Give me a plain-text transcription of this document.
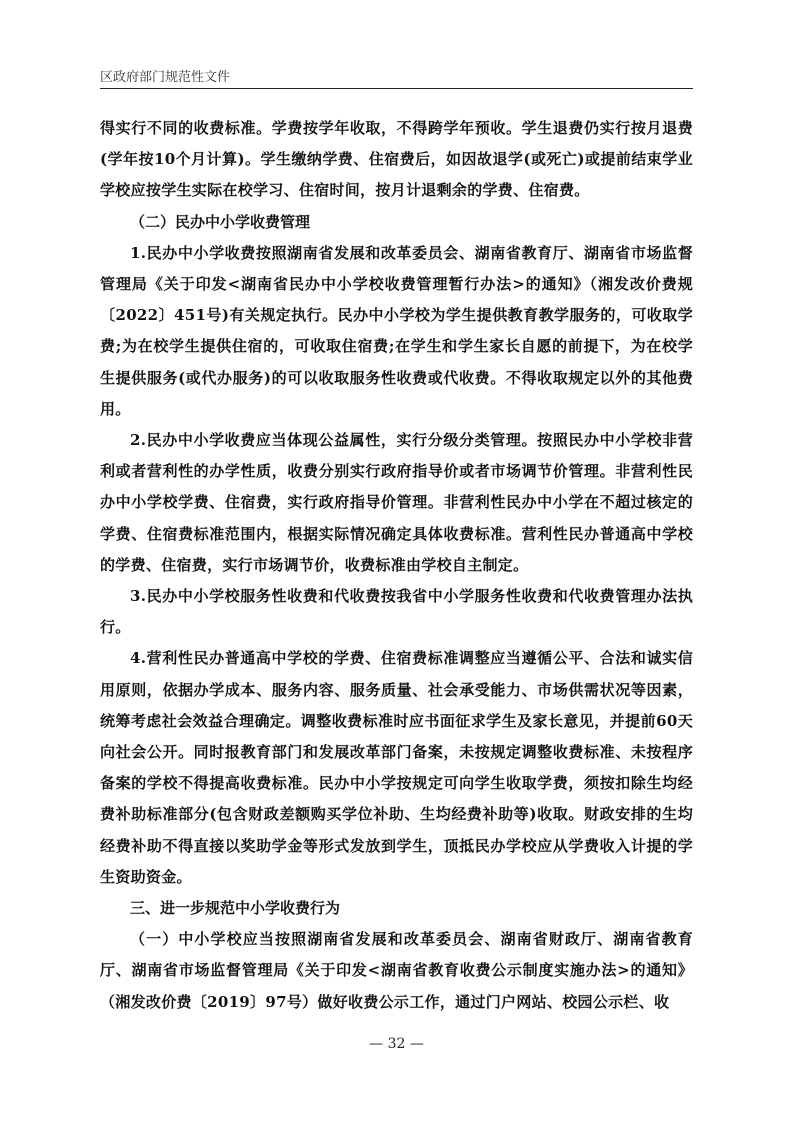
区政府部门规范性文件

得实行不同的收费标准。学费按学年收取，不得跨学年预收。学生退费仍实行按月退费(学年按10个月计算)。学生缴纳学费、住宿费后，如因故退学(或死亡)或提前结束学业学校应按学生实际在校学习、住宿时间，按月计退剩余的学费、住宿费。

（二）民办中小学收费管理

1.民办中小学收费按照湖南省发展和改革委员会、湖南省教育厅、湖南省市场监督管理局《关于印发<湖南省民办中小学校收费管理暂行办法>的通知》（湘发改价费规〔2022〕451号)有关规定执行。民办中小学校为学生提供教育教学服务的，可收取学费;为在校学生提供住宿的，可收取住宿费;在学生和学生家长自愿的前提下，为在校学生提供服务(或代办服务)的可以收取服务性收费或代收费。不得收取规定以外的其他费用。

2.民办中小学收费应当体现公益属性，实行分级分类管理。按照民办中小学校非营利或者营利性的办学性质，收费分别实行政府指导价或者市场调节价管理。非营利性民办中小学校学费、住宿费，实行政府指导价管理。非营利性民办中小学在不超过核定的学费、住宿费标准范围内，根据实际情况确定具体收费标准。营利性民办普通高中学校的学费、住宿费，实行市场调节价，收费标准由学校自主制定。

3.民办中小学校服务性收费和代收费按我省中小学服务性收费和代收费管理办法执行。

4.营利性民办普通高中学校的学费、住宿费标准调整应当遵循公平、合法和诚实信用原则，依据办学成本、服务内容、服务质量、社会承受能力、市场供需状况等因素，统筹考虑社会效益合理确定。调整收费标准时应书面征求学生及家长意见，并提前60天向社会公开。同时报教育部门和发展改革部门备案，未按规定调整收费标准、未按程序备案的学校不得提高收费标准。民办中小学按规定可向学生收取学费，须按扣除生均经费补助标准部分(包含财政差额购买学位补助、生均经费补助等)收取。财政安排的生均经费补助不得直接以奖助学金等形式发放到学生，顶抵民办学校应从学费收入计提的学生资助资金。

三、进一步规范中小学收费行为

（一）中小学校应当按照湖南省发展和改革委员会、湖南省财政厅、湖南省教育厅、湖南省市场监督管理局《关于印发<湖南省教育收费公示制度实施办法>的通知》（湘发改价费〔2019〕97号）做好收费公示工作，通过门户网站、校园公示栏、收

— 32 —
